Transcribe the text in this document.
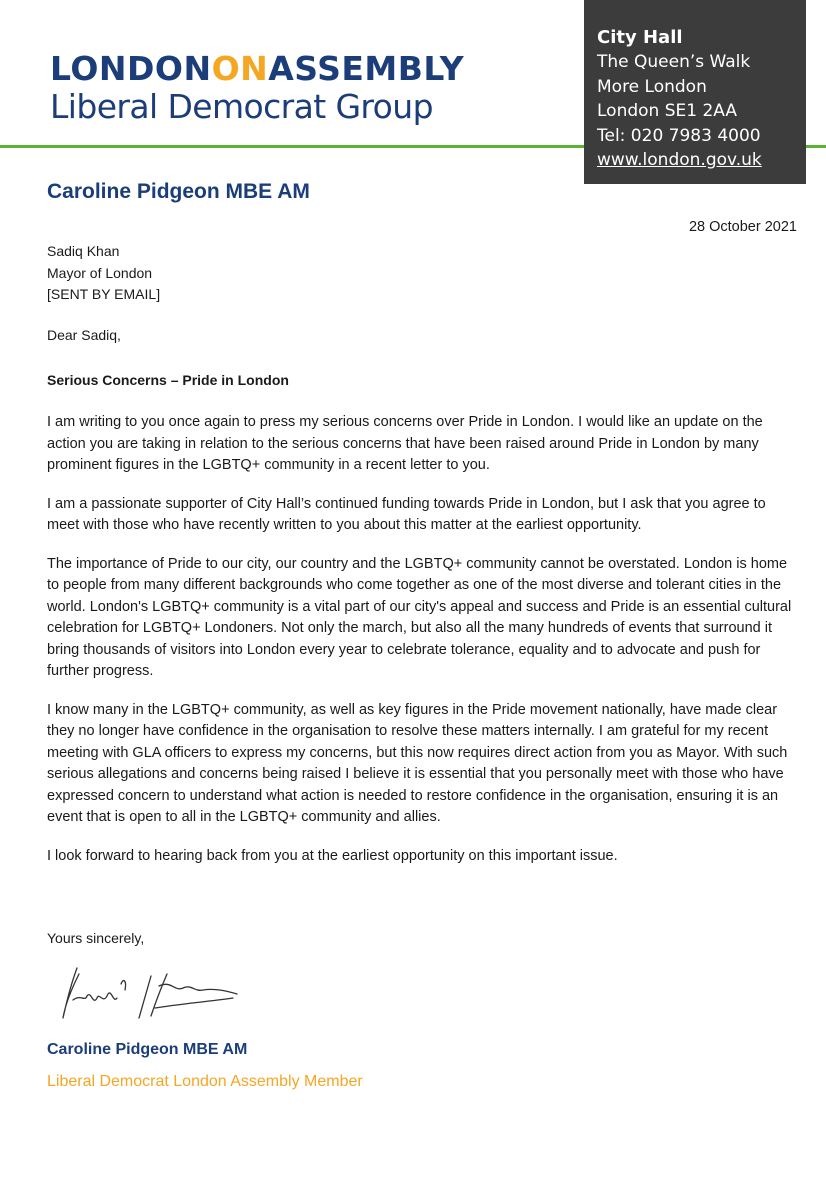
LONDONONASSEMBLY
Liberal Democrat Group
City Hall
The Queen’s Walk
More London
London SE1 2AA
Tel: 020 7983 4000
www.london.gov.uk
Caroline Pidgeon MBE AM
28 October 2021
Sadiq Khan
Mayor of London
[SENT BY EMAIL]
Dear Sadiq,
Serious Concerns – Pride in London

I am writing to you once again to press my serious concerns over Pride in London. I would like an update on the action you are taking in relation to the serious concerns that have been raised around Pride in London by many prominent figures in the LGBTQ+ community in a recent letter to you.

I am a passionate supporter of City Hall’s continued funding towards Pride in London, but I ask that you agree to meet with those who have recently written to you about this matter at the earliest opportunity.

The importance of Pride to our city, our country and the LGBTQ+ community cannot be overstated. London is home to people from many different backgrounds who come together as one of the most diverse and tolerant cities in the world. London's LGBTQ+ community is a vital part of our city's appeal and success and Pride is an essential cultural celebration for LGBTQ+ Londoners. Not only the march, but also all the many hundreds of events that surround it bring thousands of visitors into London every year to celebrate tolerance, equality and to advocate and push for further progress.

I know many in the LGBTQ+ community, as well as key figures in the Pride movement nationally, have made clear they no longer have confidence in the organisation to resolve these matters internally. I am grateful for my recent meeting with GLA officers to express my concerns, but this now requires direct action from you as Mayor. With such serious allegations and concerns being raised I believe it is essential that you personally meet with those who have expressed concern to understand what action is needed to restore confidence in the organisation, ensuring it is an event that is open to all in the LGBTQ+ community and allies.

I look forward to hearing back from you at the earliest opportunity on this important issue.

Yours sincerely,
Caroline Pidgeon MBE AM
Liberal Democrat London Assembly Member
